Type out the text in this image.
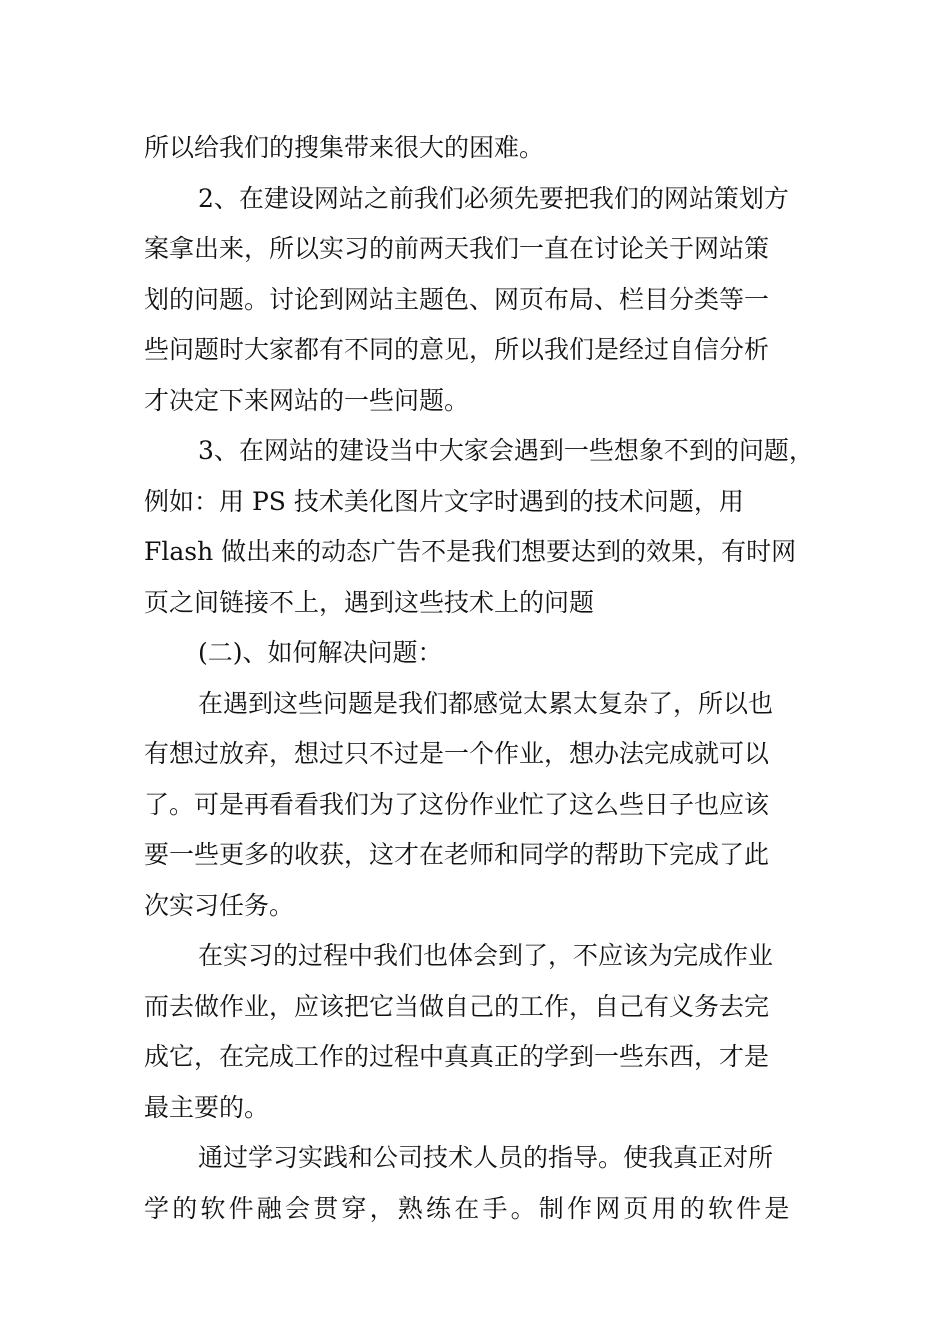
所以给我们的搜集带来很大的困难。
2、在建设网站之前我们必须先要把我们的网站策划方
案拿出来，所以实习的前两天我们一直在讨论关于网站策
划的问题。讨论到网站主题色、网页布局、栏目分类等一
些问题时大家都有不同的意见，所以我们是经过自信分析
才决定下来网站的一些问题。
3、在网站的建设当中大家会遇到一些想象不到的问题，
例如：用 PS 技术美化图片文字时遇到的技术问题，用
Flash 做出来的动态广告不是我们想要达到的效果，有时网
页之间链接不上，遇到这些技术上的问题
(二)、如何解决问题：
在遇到这些问题是我们都感觉太累太复杂了，所以也
有想过放弃，想过只不过是一个作业，想办法完成就可以
了。可是再看看我们为了这份作业忙了这么些日子也应该
要一些更多的收获，这才在老师和同学的帮助下完成了此
次实习任务。
在实习的过程中我们也体会到了，不应该为完成作业
而去做作业，应该把它当做自己的工作，自己有义务去完
成它，在完成工作的过程中真真正的学到一些东西，才是
最主要的。
通过学习实践和公司技术人员的指导。使我真正对所
学的软件融会贯穿，熟练在手。制作网页用的软件是
